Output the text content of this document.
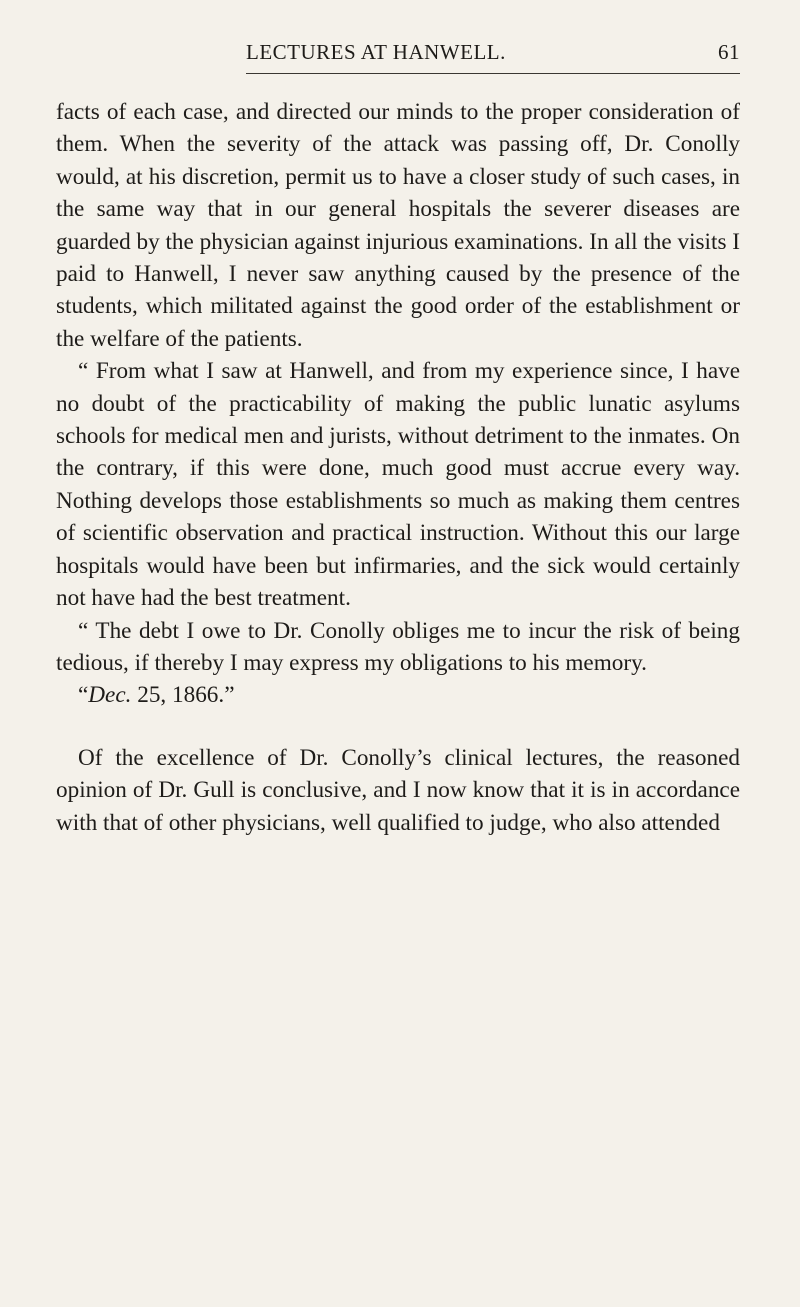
LECTURES AT HANWELL.	61

facts of each case, and directed our minds to the proper consideration of them. When the severity of the attack was passing off, Dr. Conolly would, at his discretion, permit us to have a closer study of such cases, in the same way that in our general hospitals the severer diseases are guarded by the physician against injurious examinations. In all the visits I paid to Hanwell, I never saw anything caused by the presence of the students, which militated against the good order of the establishment or the welfare of the patients.

“ From what I saw at Hanwell, and from my experience since, I have no doubt of the practicability of making the public lunatic asylums schools for medical men and jurists, without detriment to the inmates. On the contrary, if this were done, much good must accrue every way. Nothing develops those establishments so much as making them centres of scientific observation and practical instruction. Without this our large hospitals would have been but infirmaries, and the sick would certainly not have had the best treatment.

“ The debt I owe to Dr. Conolly obliges me to incur the risk of being tedious, if thereby I may express my obligations to his memory.

“Dec. 25, 1866.”

Of the excellence of Dr. Conolly’s clinical lectures, the reasoned opinion of Dr. Gull is conclusive, and I now know that it is in accordance with that of other physicians, well qualified to judge, who also attended
